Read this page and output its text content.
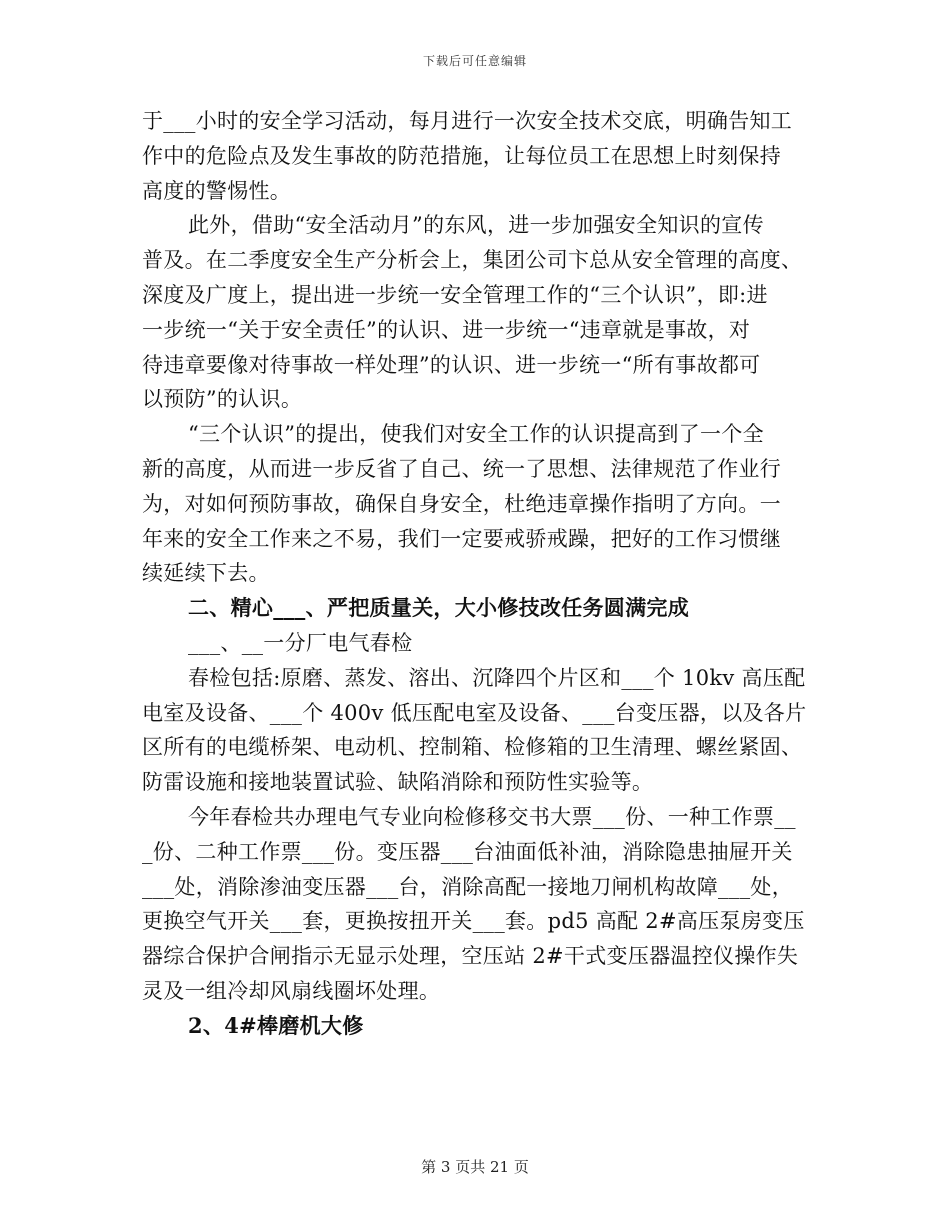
下载后可任意编辑
于___小时的安全学习活动，每月进行一次安全技术交底，明确告知工
作中的危险点及发生事故的防范措施，让每位员工在思想上时刻保持
高度的警惕性。
此外，借助“安全活动月”的东风，进一步加强安全知识的宣传
普及。在二季度安全生产分析会上，集团公司卞总从安全管理的高度、
深度及广度上，提出进一步统一安全管理工作的“三个认识”，即:进
一步统一“关于安全责任”的认识、进一步统一“违章就是事故，对
待违章要像对待事故一样处理”的认识、进一步统一“所有事故都可
以预防”的认识。
“三个认识”的提出，使我们对安全工作的认识提高到了一个全
新的高度，从而进一步反省了自己、统一了思想、法律规范了作业行
为，对如何预防事故，确保自身安全，杜绝违章操作指明了方向。一
年来的安全工作来之不易，我们一定要戒骄戒躁，把好的工作习惯继
续延续下去。
二、精心___、严把质量关，大小修技改任务圆满完成
___、__一分厂电气春检
春检包括:原磨、蒸发、溶出、沉降四个片区和___个 10kv 高压配
电室及设备、___个 400v 低压配电室及设备、___台变压器，以及各片
区所有的电缆桥架、电动机、控制箱、检修箱的卫生清理、螺丝紧固、
防雷设施和接地装置试验、缺陷消除和预防性实验等。
今年春检共办理电气专业向检修移交书大票___份、一种工作票__
_份、二种工作票___份。变压器___台油面低补油，消除隐患抽屉开关
___处，消除渗油变压器___台，消除高配一接地刀闸机构故障___处，
更换空气开关___套，更换按扭开关___套。pd5 高配 2#高压泵房变压
器综合保护合闸指示无显示处理，空压站 2#干式变压器温控仪操作失
灵及一组冷却风扇线圈坏处理。
2、4#棒磨机大修
第 3 页共 21 页
